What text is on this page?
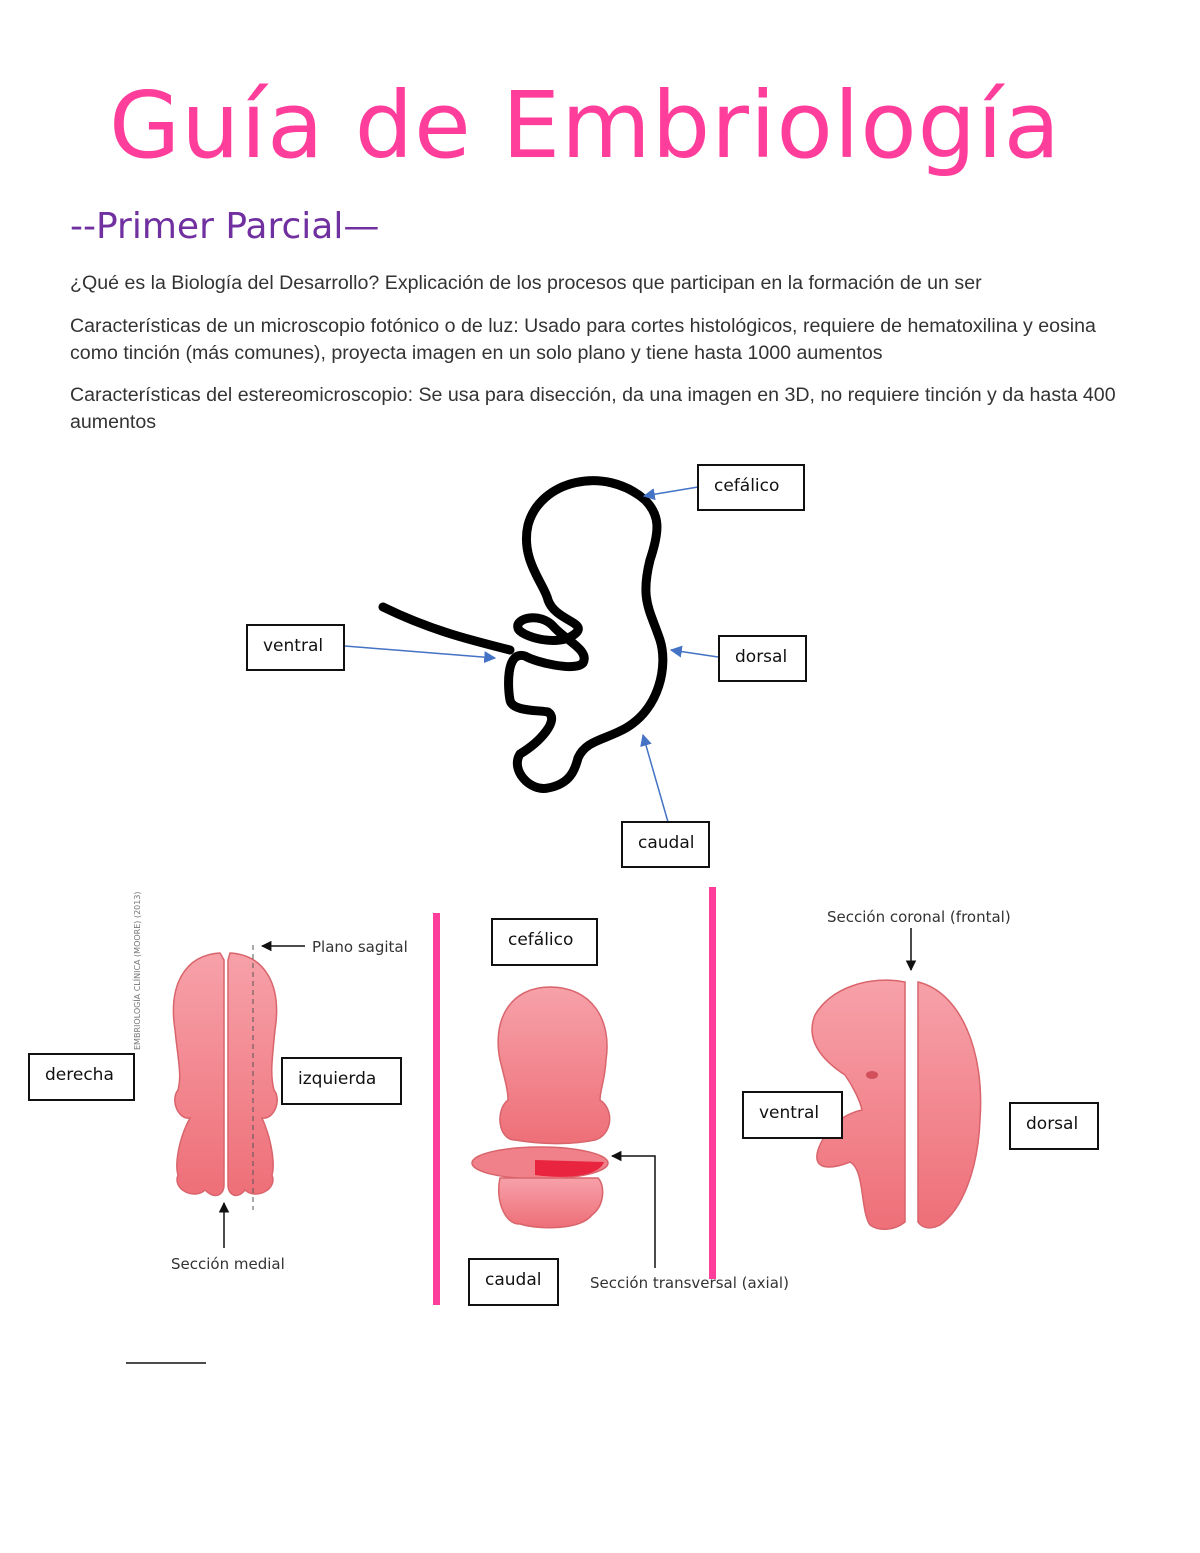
Guía de Embriología
--Primer Parcial—
¿Qué es la Biología del Desarrollo? Explicación de los procesos que participan en la formación de un ser
Características de un microscopio fotónico o de luz: Usado para cortes histológicos, requiere de hematoxilina y eosina como tinción (más comunes), proyecta imagen en un solo plano y tiene hasta 1000 aumentos
Características del estereomicroscopio: Se usa para disección, da una imagen en 3D, no requiere tinción y da hasta 400 aumentos
EMBRIOLOGÍA CLÍNICA (MOORE) (2013)
cefálico
ventral
dorsal
caudal
Plano sagital
Sección medial
derecha	izquierda
cefálico
caudal	Sección transversal (axial)
Sección coronal (frontal)
ventral
dorsal
